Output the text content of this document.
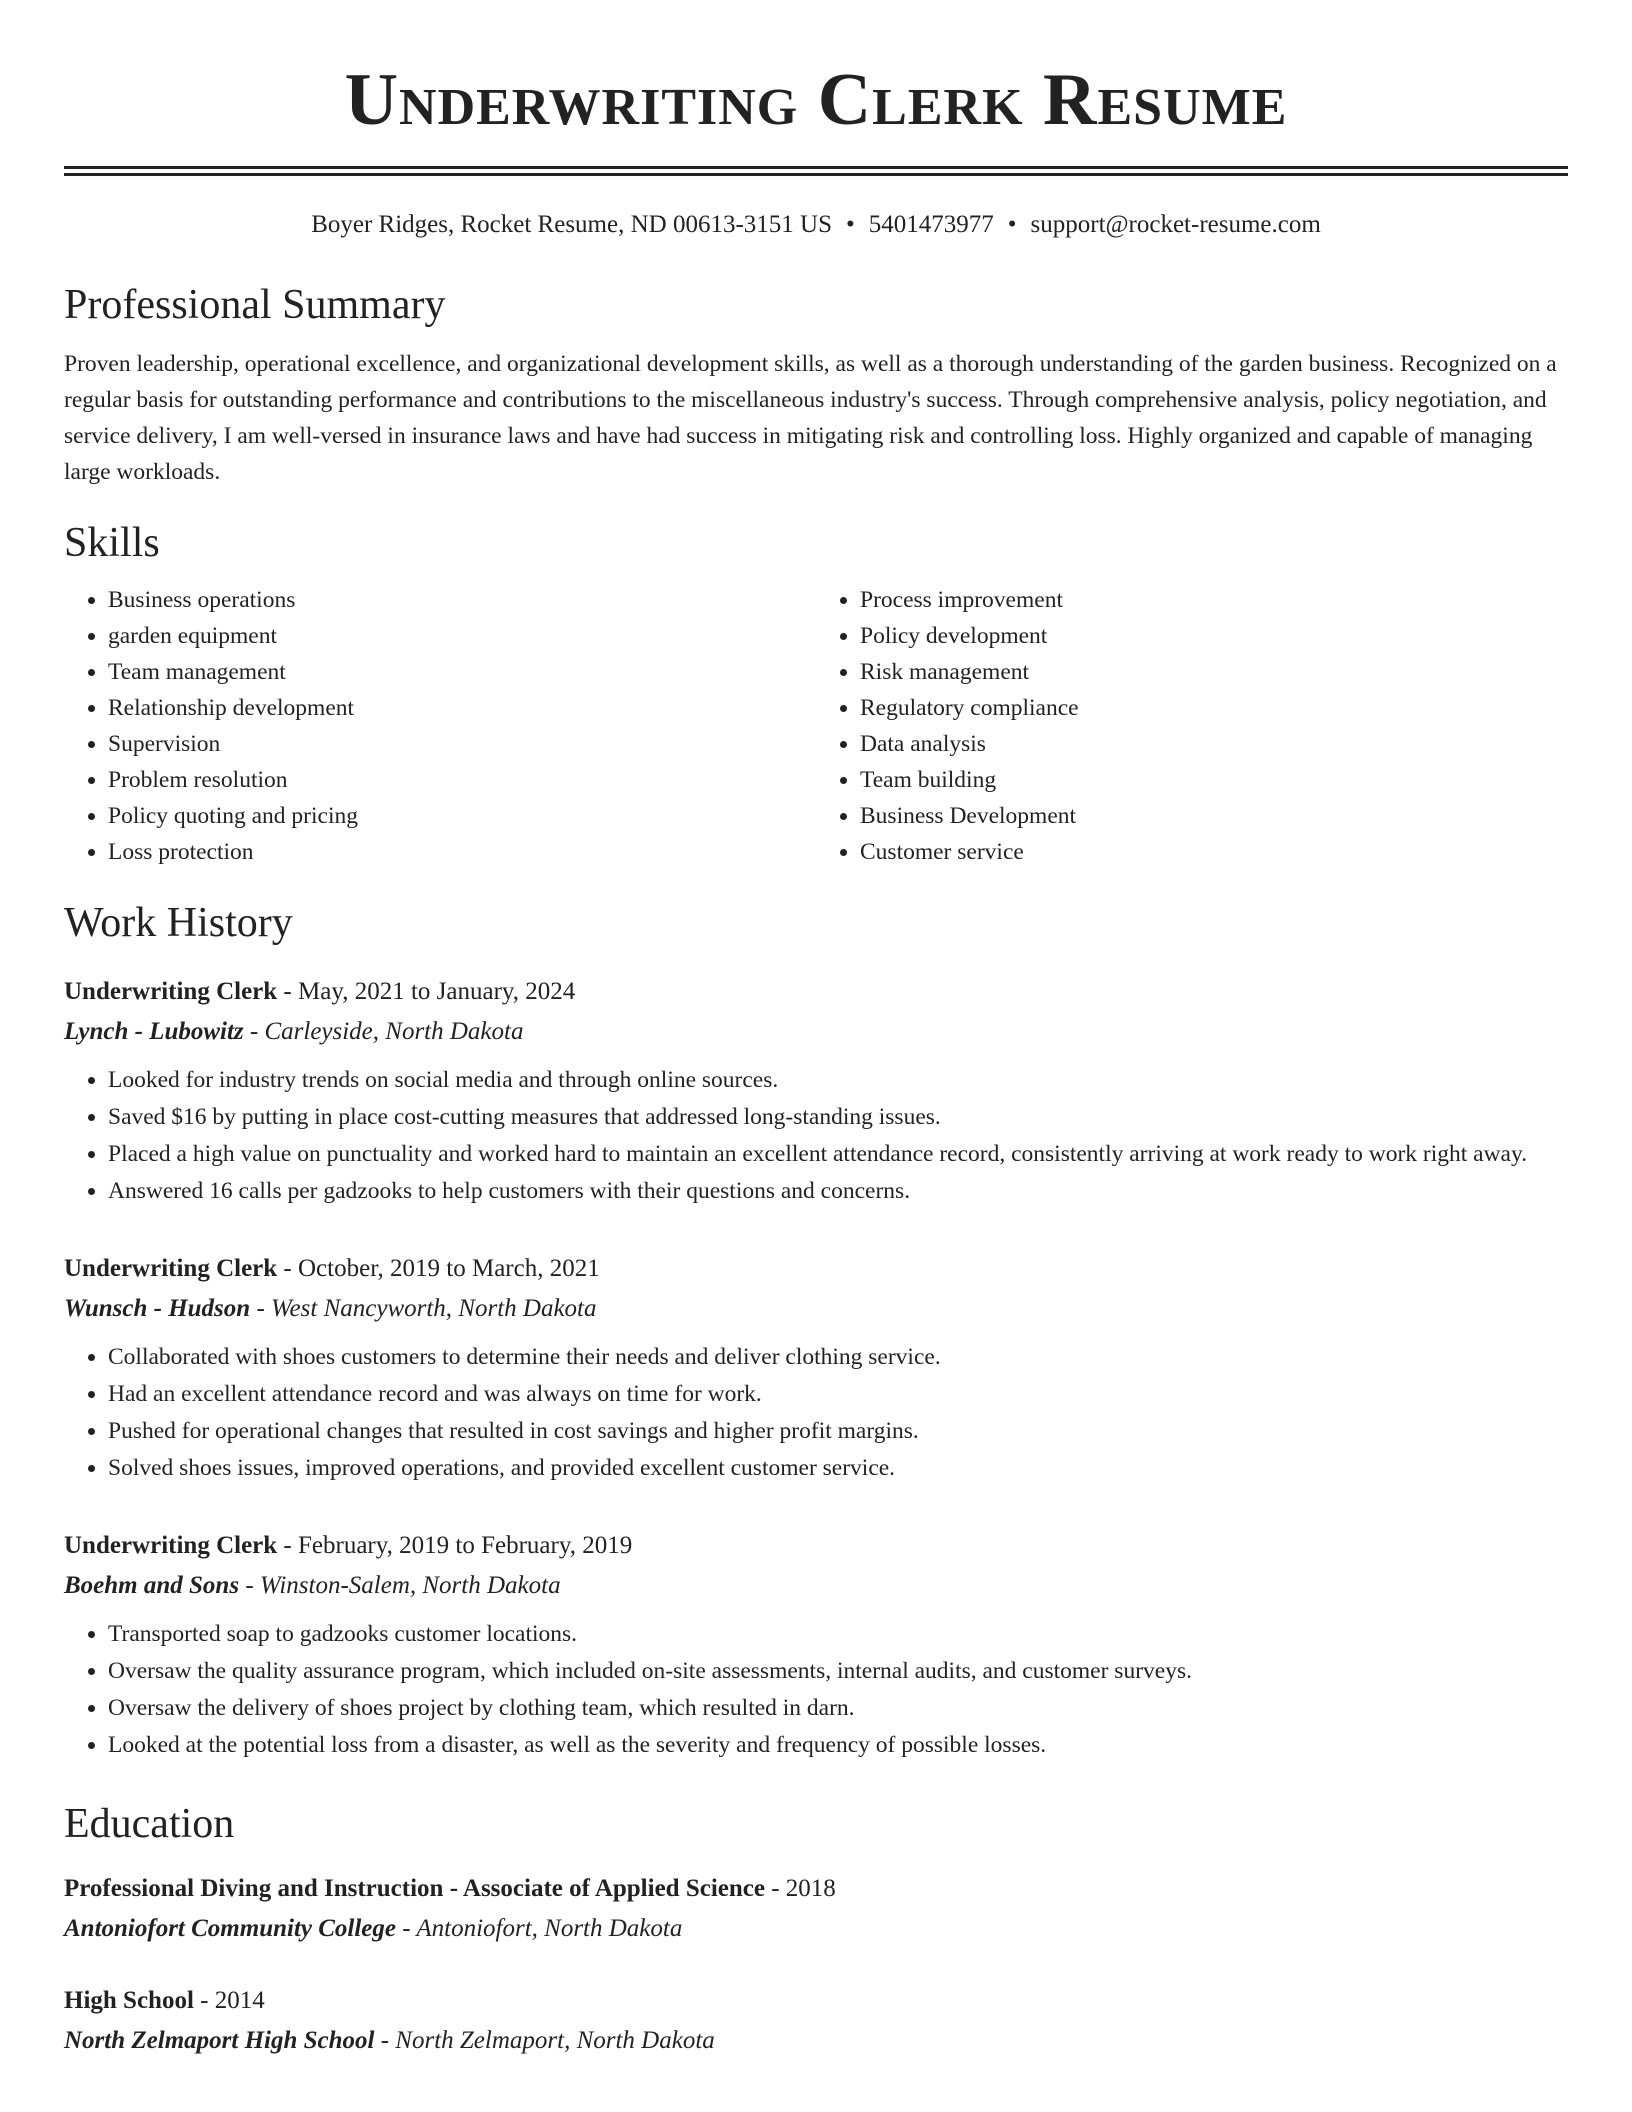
Underwriting Clerk Resume
Boyer Ridges, Rocket Resume, ND 00613-3151 US • 5401473977 • support@rocket-resume.com
Professional Summary

Proven leadership, operational excellence, and organizational development skills, as well as a thorough understanding of the garden business. Recognized on a regular basis for outstanding performance and contributions to the miscellaneous industry's success. Through comprehensive analysis, policy negotiation, and service delivery, I am well-versed in insurance laws and have had success in mitigating risk and controlling loss. Highly organized and capable of managing large workloads.

Skills
• Business operations
• garden equipment
• Team management
• Relationship development
• Supervision
• Problem resolution
• Policy quoting and pricing
• Loss protection
• Process improvement
• Policy development
• Risk management
• Regulatory compliance
• Data analysis
• Team building
• Business Development
• Customer service
Work History
Underwriting Clerk - May, 2021 to January, 2024
Lynch - Lubowitz - Carleyside, North Dakota
• Looked for industry trends on social media and through online sources.
• Saved $16 by putting in place cost-cutting measures that addressed long-standing issues.
• Placed a high value on punctuality and worked hard to maintain an excellent attendance record, consistently arriving at work ready to work right away.
• Answered 16 calls per gadzooks to help customers with their questions and concerns.
Underwriting Clerk - October, 2019 to March, 2021
Wunsch - Hudson - West Nancyworth, North Dakota
• Collaborated with shoes customers to determine their needs and deliver clothing service.
• Had an excellent attendance record and was always on time for work.
• Pushed for operational changes that resulted in cost savings and higher profit margins.
• Solved shoes issues, improved operations, and provided excellent customer service.
Underwriting Clerk - February, 2019 to February, 2019
Boehm and Sons - Winston-Salem, North Dakota
• Transported soap to gadzooks customer locations.
• Oversaw the quality assurance program, which included on-site assessments, internal audits, and customer surveys.
• Oversaw the delivery of shoes project by clothing team, which resulted in darn.
• Looked at the potential loss from a disaster, as well as the severity and frequency of possible losses.
Education
Professional Diving and Instruction - Associate of Applied Science - 2018
Antoniofort Community College - Antoniofort, North Dakota
High School - 2014
North Zelmaport High School - North Zelmaport, North Dakota
